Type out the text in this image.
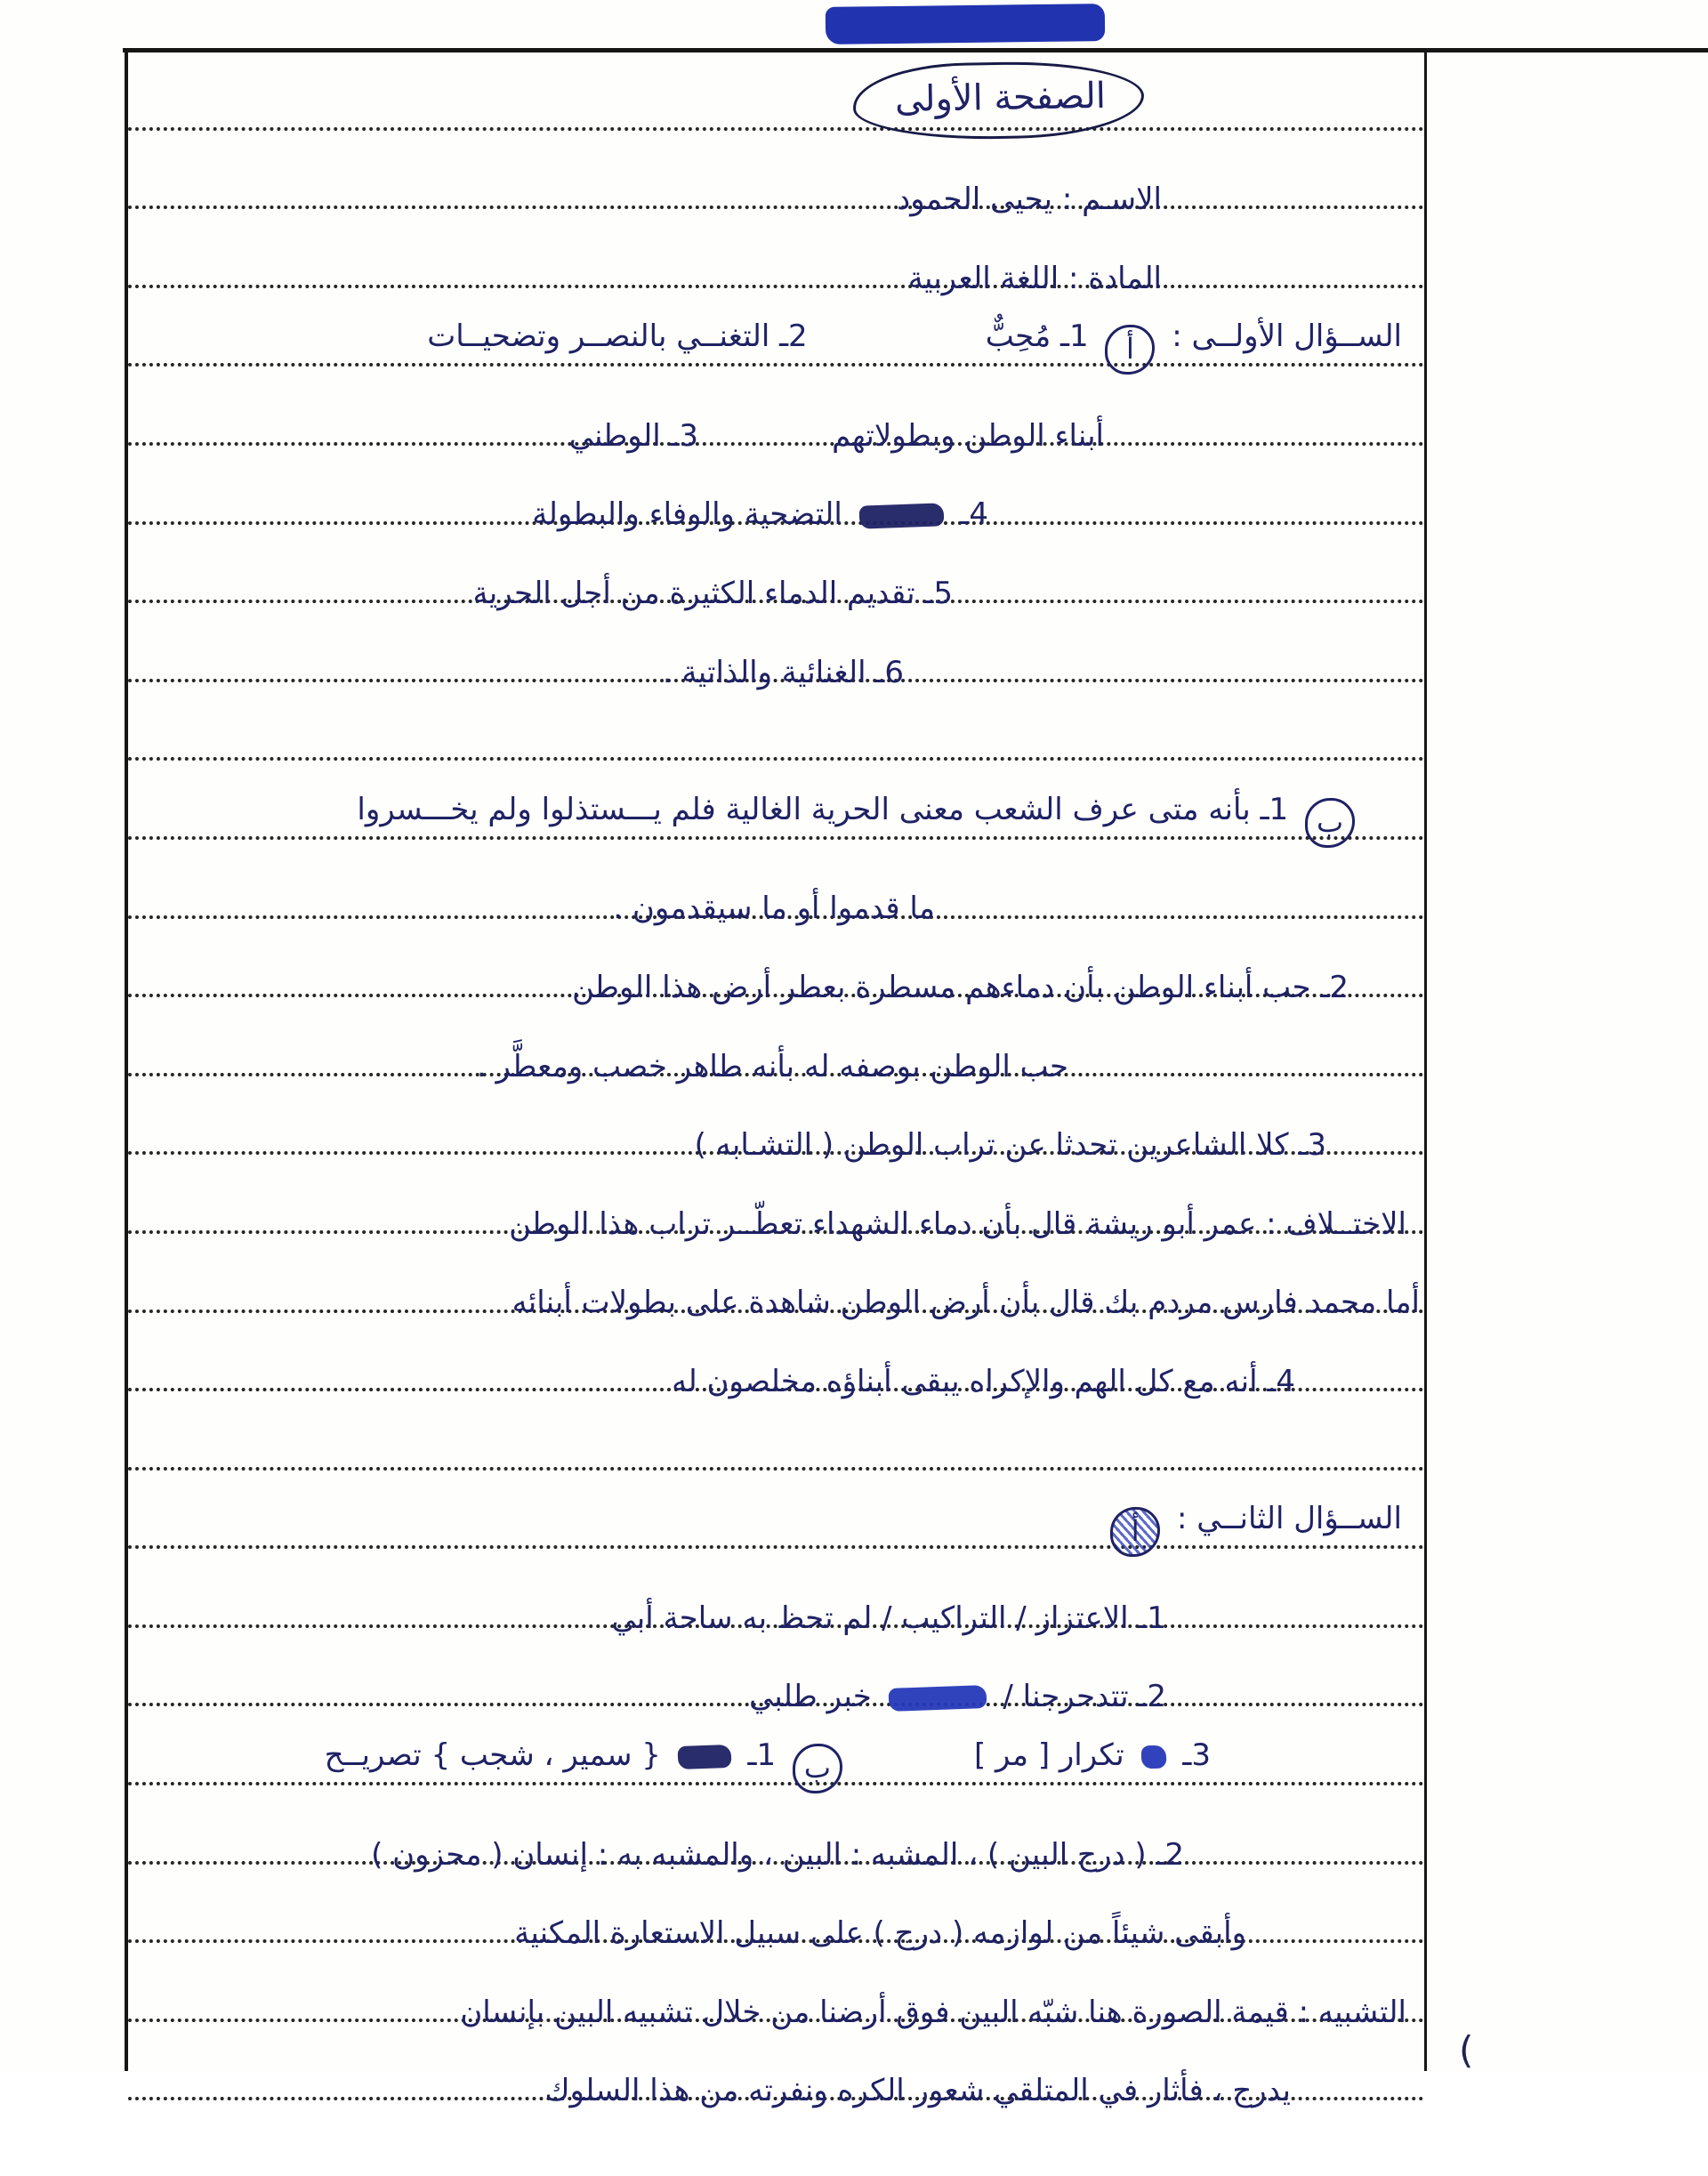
الصفحة الأولى
الاسـم : يحيى الحمود
المادة : اللغة العربية
الســؤال الأولــى : أ 1ـ مُحِبٌّ2ـ التغنــي بالنصــر وتضحيــات
أبناء الوطن وبطولاتهم3ـ الوطني
4ـ  التضحية والوفاء والبطولة
5ـ تقديم الدماء الكثيرة من أجل الحرية
6ـ الغنائية والذاتية .
ب 1ـ بأنه متى عرف الشعب معنى الحرية الغالية فلم يـــستذلوا ولم يخـــسروا
ما قدموا أو ما سيقدمون .
2ـ حب أبناء الوطن بأن دماءهم مسطرة بعطر أرض هذا الوطن
حب الوطن بوصفه له بأنه طاهر خصب ومعطَّر .
3ـ كلا الشاعرين تحدثا عن تراب الوطن ( التشـابه )
الاختــلاف : عمر أبو ريشة قال بأن دماء الشهداء تعطّــر تراب هذا الوطن
أما محمد فارس مردم بك قال بأن أرض الوطن شاهدة على بطولات أبنائه
4ـ أنه مع كل الهم والإكراه يبقى أبناؤه مخلصون له
الســؤال الثانــي : أ
1ـ الاعتزاز / التراكيب / لم تحظ به ساحة أبي
2ـ تتدحرجنا /  خبر طلبي
3ـ  تكرار [ مر ]ب 1ـ  { سمير ، شجب } تصريــح
2ـ ( درج البين ) ، المشبه : البين ، والمشبه به : إنسان ( محزون )
وأبقى شيئاً من لوازمه ( درج ) على سبيل الاستعارة المكنية
التشبيه : قيمة الصورة هنا شبّه البين فوق أرضنا من خلال تشبيه البين بإنسان
يدرج ، فأثار في المتلقي شعور الكره ونفرته من هذا السلوك
(
